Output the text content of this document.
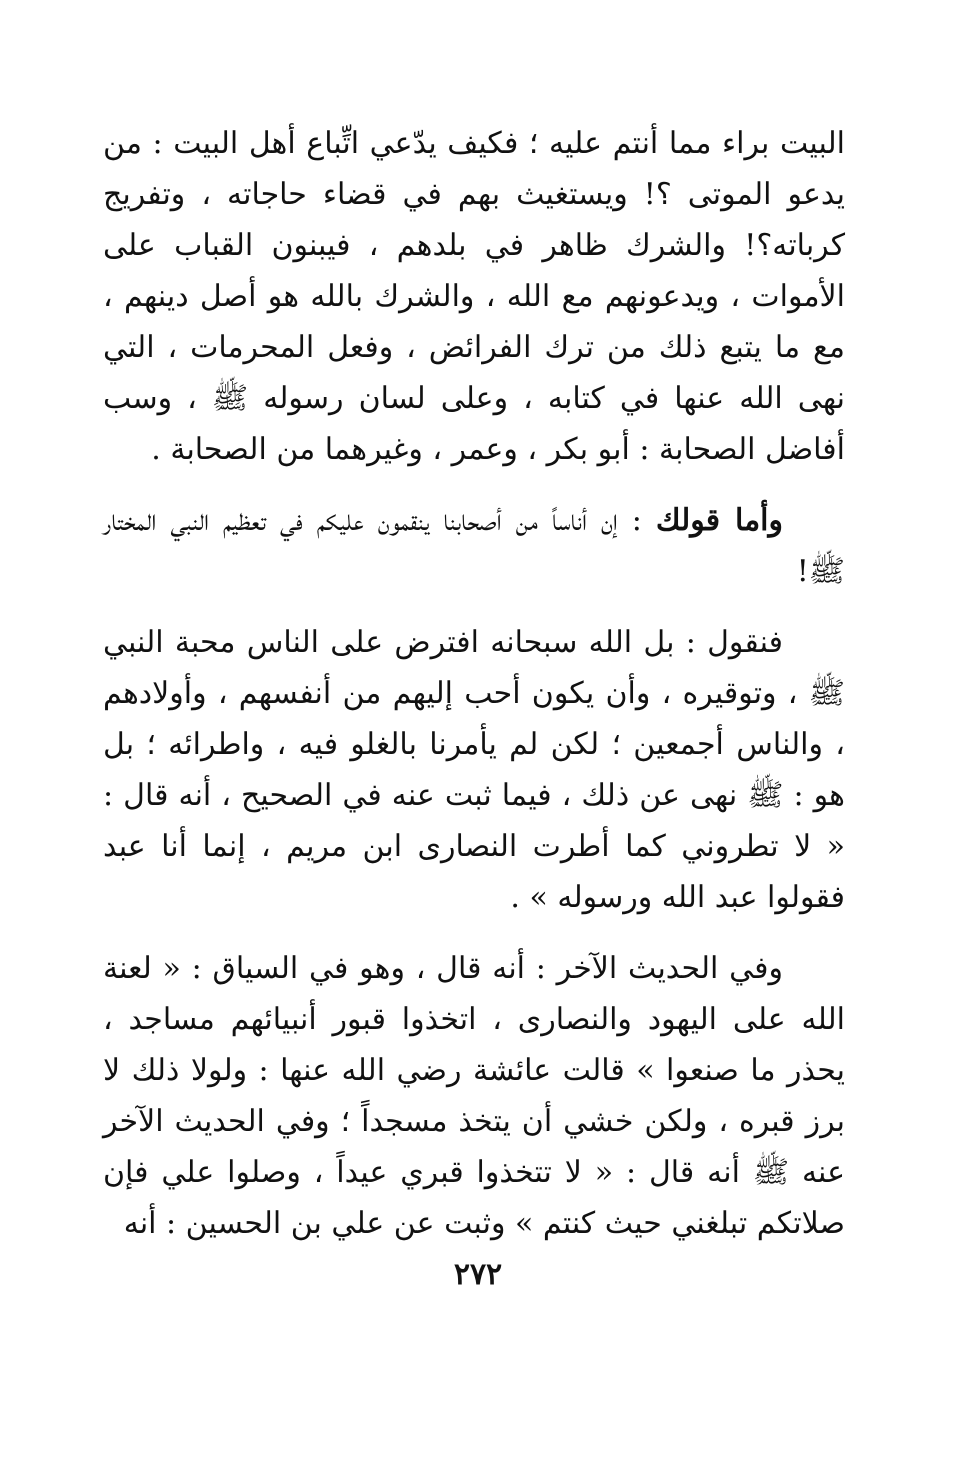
البيت براء مما أنتم عليه ؛ فكيف يدّعي اتِّباع أهل البيت : من يدعو الموتى ؟! ويستغيث بهم في قضاء حاجاته ، وتفريج كرباته؟! والشرك ظاهر في بلدهم ، فيبنون القباب على الأموات ، ويدعونهم مع الله ، والشرك بالله هو أصل دينهم ، مع ما يتبع ذلك من ترك الفرائض ، وفعل المحرمات ، التي نهى الله عنها في كتابه ، وعلى لسان رسوله ﷺ ، وسب أفاضل الصحابة : أبو بكر ، وعمر ، وغيرهما من الصحابة .

وأما قولك : إن أناساً من أصحابنا ينقمون عليكم في تعظيم النبي المختار ﷺ!

فنقول : بل الله سبحانه افترض على الناس محبة النبي ﷺ ، وتوقيره ، وأن يكون أحب إليهم من أنفسهم ، وأولادهم ، والناس أجمعين ؛ لكن لم يأمرنا بالغلو فيه ، واطرائه ؛ بل هو : ﷺ نهى عن ذلك ، فيما ثبت عنه في الصحيح ، أنه قال : « لا تطروني كما أطرت النصارى ابن مريم ، إنما أنا عبد فقولوا عبد الله ورسوله » .

وفي الحديث الآخر : أنه قال ، وهو في السياق : « لعنة الله على اليهود والنصارى ، اتخذوا قبور أنبيائهم مساجد ، يحذر ما صنعوا » قالت عائشة رضي الله عنها : ولولا ذلك لا برز قبره ، ولكن خشي أن يتخذ مسجداً ؛ وفي الحديث الآخر عنه ﷺ أنه قال : « لا تتخذوا قبري عيداً ، وصلوا علي فإن صلاتكم تبلغني حيث كنتم » وثبت عن علي بن الحسين : أنه

٢٧٢
